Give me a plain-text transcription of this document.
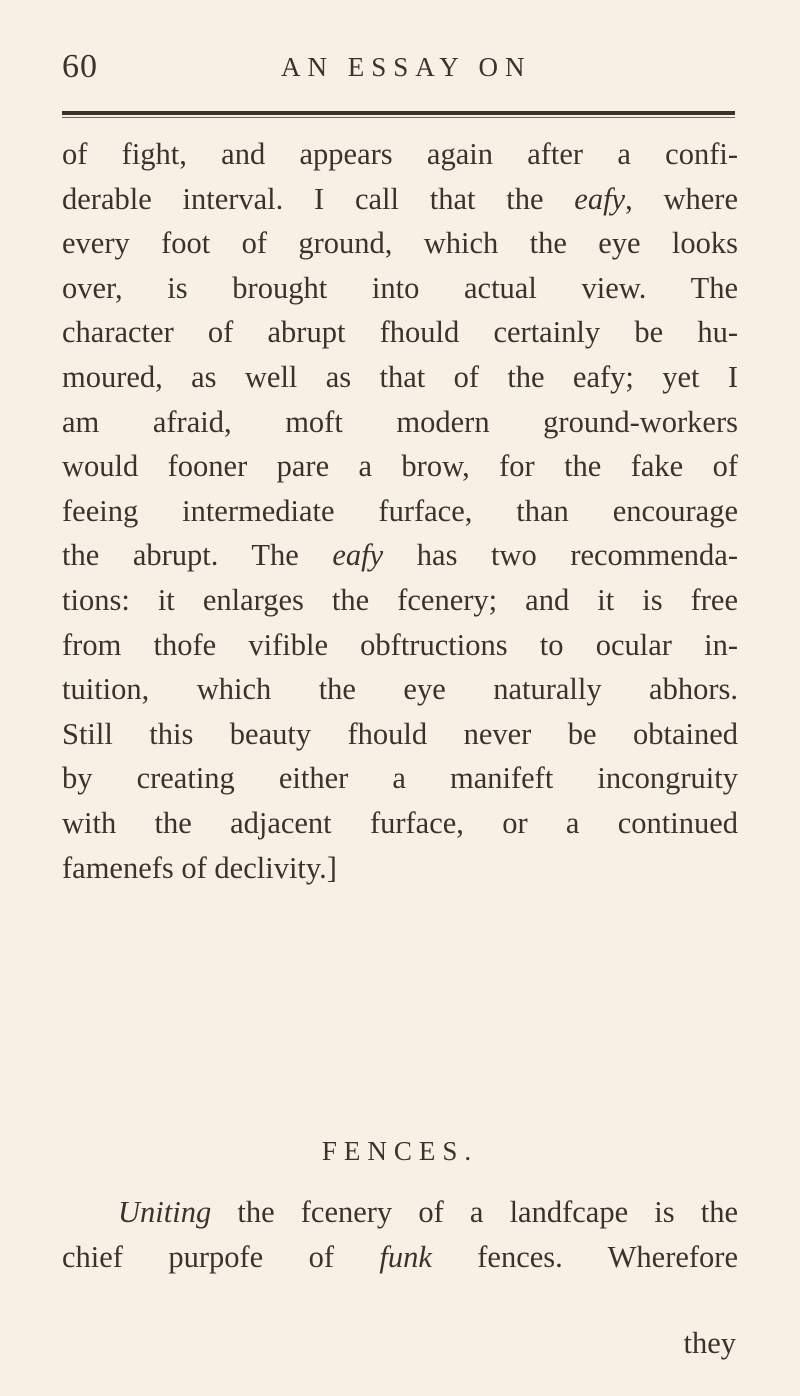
60	AN ESSAY ON
of fight, and appears again after a confi-
derable interval. I call that the eafy, where
every foot of ground, which the eye looks
over, is brought into actual view. The
character of abrupt fhould certainly be hu-
moured, as well as that of the eafy; yet I
am afraid, moft modern ground-workers
would fooner pare a brow, for the fake of
feeing intermediate furface, than encourage
the abrupt. The eafy has two recommenda-
tions: it enlarges the fcenery; and it is free
from thofe vifible obftructions to ocular in-
tuition, which the eye naturally abhors.
Still this beauty fhould never be obtained
by creating either a manifeft incongruity
with the adjacent furface, or a continued
famenefs of declivity.]
FENCES.
Uniting the fcenery of a landfcape is the
chief purpofe of funk fences. Wherefore
they
